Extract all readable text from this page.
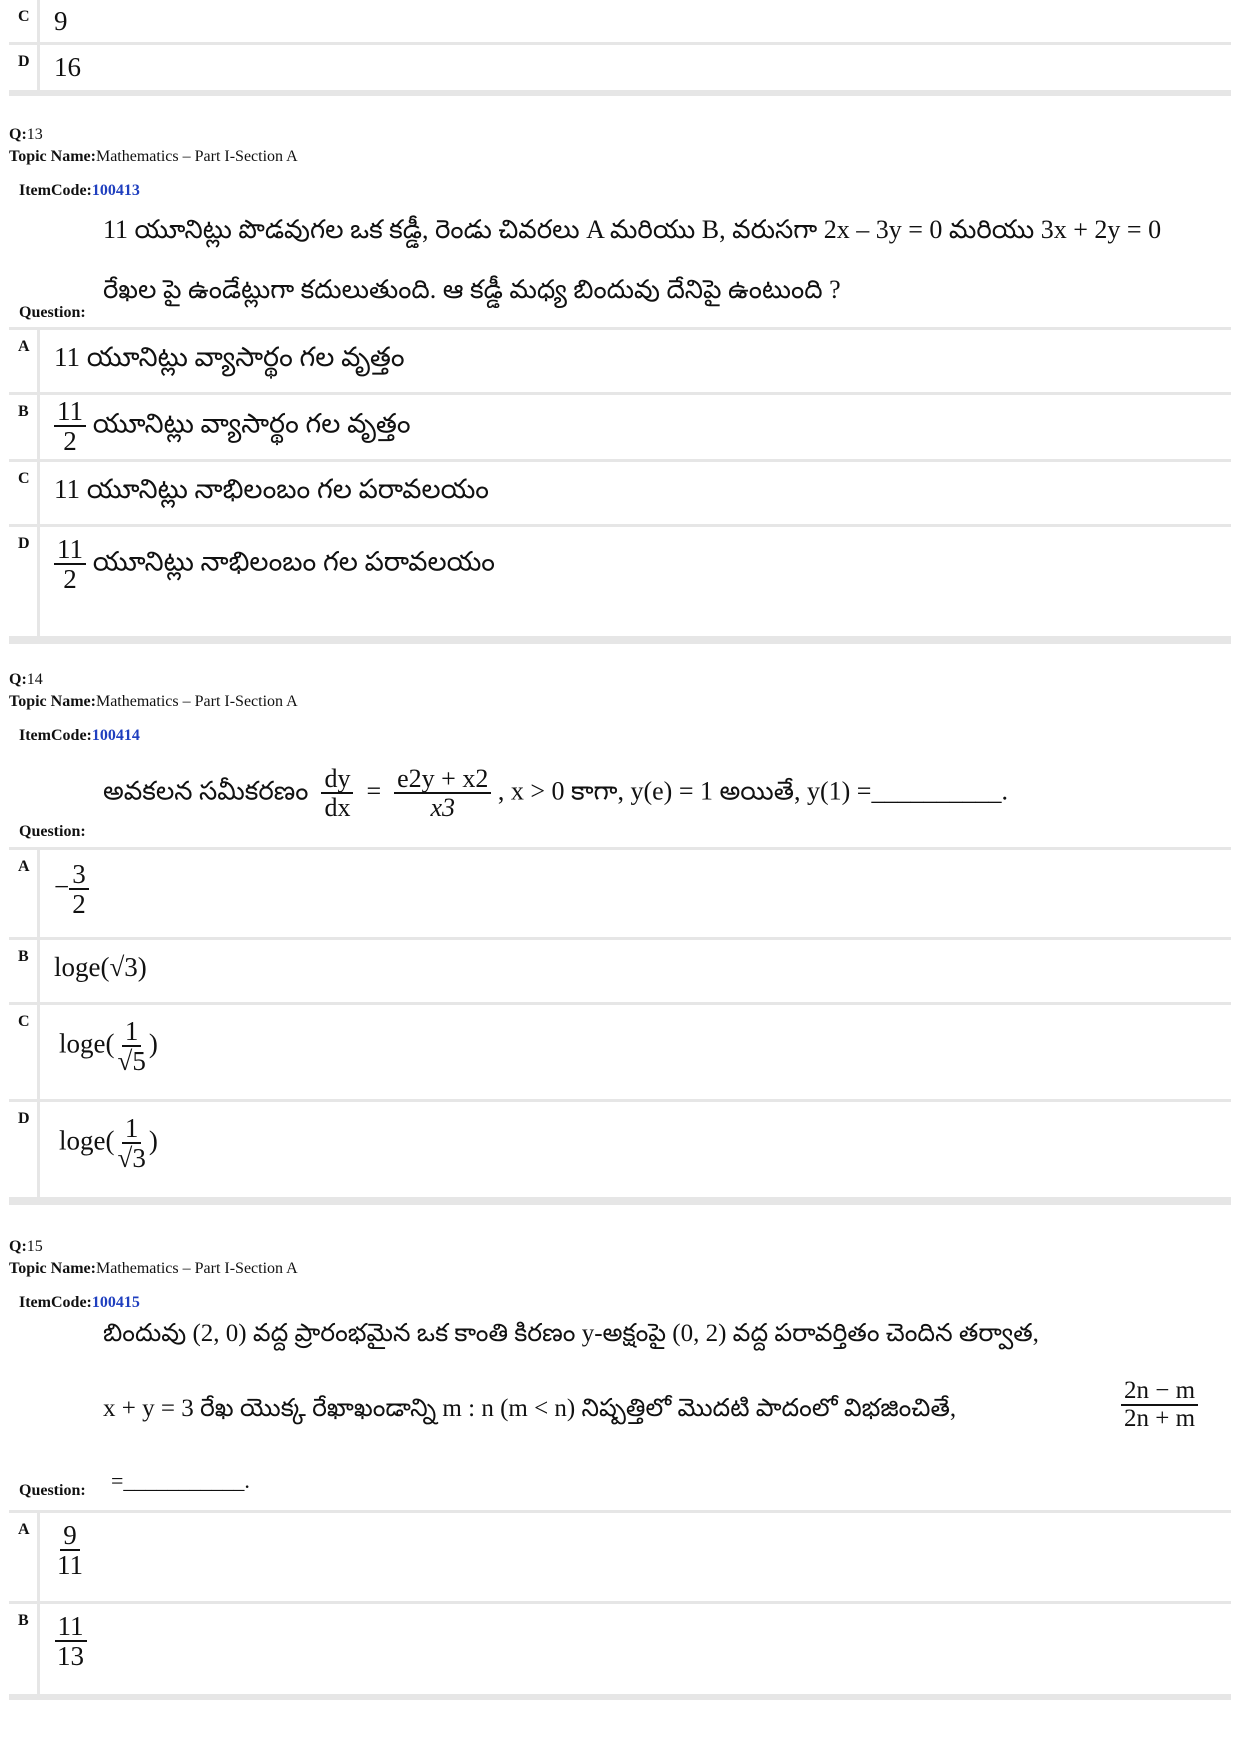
C 9
D 16
Q:13
Topic Name:Mathematics – Part I-Section A
ItemCode:100413
11 యూనిట్లు పొడవుగల ఒక కడ్డీ, రెండు చివరలు A మరియు B, వరుసగా 2x – 3y = 0 మరియు 3x + 2y = 0
రేఖల పై ఉండేట్లుగా కదులుతుంది. ఆ కడ్డీ మధ్య బిందువు దేనిపై ఉంటుంది ?
Question:
A 11 యూనిట్లు వ్యాసార్థం గల వృత్తం
B $\frac{11}{2}$ యూనిట్లు వ్యాసార్థం గల వృత్తం
C 11 యూనిట్లు నాభిలంబం గల పరావలయం
D $\frac{11}{2}$ యూనిట్లు నాభిలంబం గల పరావలయం
Q:14
Topic Name:Mathematics – Part I-Section A
ItemCode:100414
అవకలన సమీకరణం $\frac{dy}{dx} = \frac{e2y + x2}{x3}$ , x > 0 కాగా, y(e) = 1 అయితే, y(1) =__________.
Question:
A
− $\frac{3}{2}$
B loge(√3)
C
$\log e( \frac{1}{√5}$ )
D
$\log e( \frac{1}{√3}$ )
Q:15
Topic Name:Mathematics – Part I-Section A
ItemCode:100415
బిందువు (2, 0) వద్ద ప్రారంభమైన ఒక కాంతి కిరణం y-అక్షంపై (0, 2) వద్ద పరావర్తితం చెందిన తర్వాత,
x + y = 3 రేఖ యొక్క రేఖాఖండాన్ని m : n (m < n) నిష్పత్తిలో మొదటి పాదంలో విభజించితే,	$\frac{2n - m}{2n + m}$
=___________.
Question:
A $\frac{9}{11}$
B $\frac{11}{13}$
